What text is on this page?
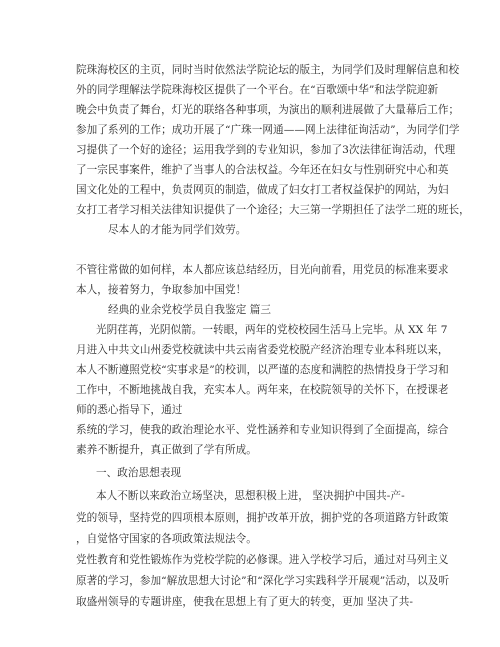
院珠海校区的主页，同时当时依然法学院论坛的版主，为同学们及时理解信息和校
外的同学理解法学院珠海校区提供了一个平台。在“百歌颂中华”和法学院迎新
晚会中负责了舞台，灯光的联络各种事项，为演出的顺利进展做了大量幕后工作；
参加了系列的工作；成功开展了“广珠一网通——网上法律征询活动”，为同学们学
习提供了一个好的途径；运用我学到的专业知识，参加了3次法律征询活动，代理
了一宗民事案件，维护了当事人的合法权益。今年还在妇女与性别研究中心和英
国文化处的工程中，负责网页的制造，做成了妇女打工者权益保护的网站，为妇
女打工者学习相关法律知识提供了一个途径；大三第一学期担任了法学二班的班长，
尽本人的才能为同学们效劳。
不管往常做的如何样，本人都应该总结经历，目光向前看，用党员的标准来要求
本人，接着努力，争取参加中国党！
经典的业余党校学员自我鉴定 篇三
光阴荏苒，光阴似箭。一转眼，两年的党校校园生活马上完毕。从 XX 年 7
月进入中共文山州委党校就读中共云南省委党校脱产经济治理专业本科班以来，
本人不断遵照党校“实事求是”的校训，以严谨的态度和满腔的热情投身于学习和
工作中，不断地挑战自我，充实本人。两年来，在校院领导的关怀下，在授课老
师的悉心指导下，通过
系统的学习，使我的政治理论水平、党性涵养和专业知识得到了全面提高，综合
素养不断提升，真正做到了学有所成。
一、政治思想表现
本人不断以来政治立场坚决，思想积极上进， 坚决拥护中国共-产-
党的领导，坚持党的四项根本原则，拥护改革开放，拥护党的各项道路方针政策
，自觉恪守国家的各项政策法规法令。
党性教育和党性锻炼作为党校学院的必修课。进入学校学习后，通过对马列主义
原著的学习，参加“解放思想大讨论”和“深化学习实践科学开展观”活动，以及听
取盛州领导的专题讲座，使我在思想上有了更大的转变，更加 坚决了共-
